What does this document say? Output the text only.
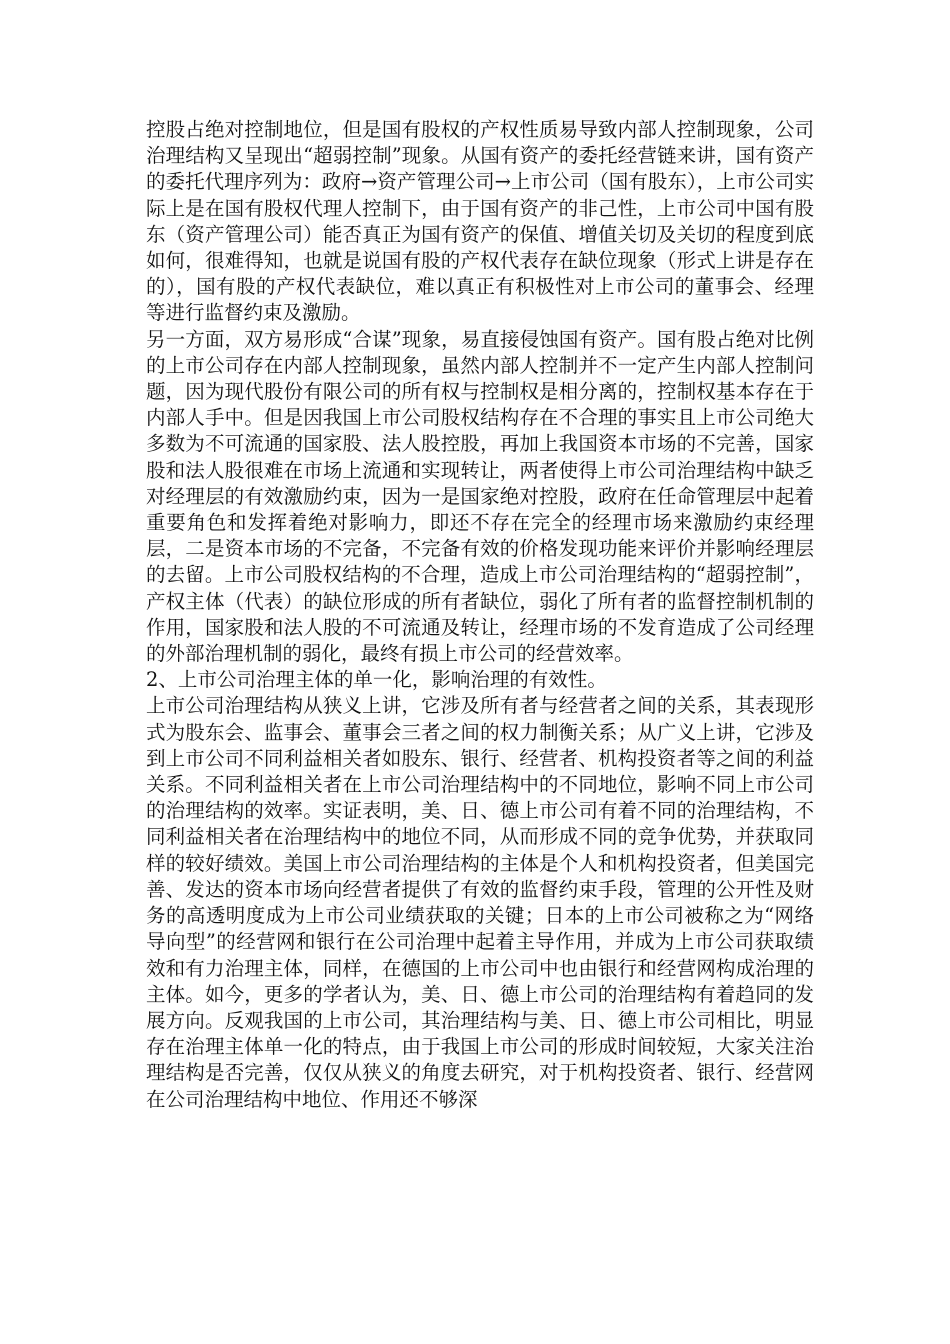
控股占绝对控制地位，但是国有股权的产权性质易导致内部人控制现象，公司治理结构又呈现出“超弱控制”现象。从国有资产的委托经营链来讲，国有资产的委托代理序列为：政府→资产管理公司→上市公司（国有股东），上市公司实际上是在国有股权代理人控制下，由于国有资产的非己性，上市公司中国有股东（资产管理公司）能否真正为国有资产的保值、增值关切及关切的程度到底如何，很难得知，也就是说国有股的产权代表存在缺位现象（形式上讲是存在的），国有股的产权代表缺位，难以真正有积极性对上市公司的董事会、经理等进行监督约束及激励。

另一方面，双方易形成“合谋”现象，易直接侵蚀国有资产。国有股占绝对比例的上市公司存在内部人控制现象，虽然内部人控制并不一定产生内部人控制问题，因为现代股份有限公司的所有权与控制权是相分离的，控制权基本存在于内部人手中。但是因我国上市公司股权结构存在不合理的事实且上市公司绝大多数为不可流通的国家股、法人股控股，再加上我国资本市场的不完善，国家股和法人股很难在市场上流通和实现转让，两者使得上市公司治理结构中缺乏对经理层的有效激励约束，因为一是国家绝对控股，政府在任命管理层中起着重要角色和发挥着绝对影响力，即还不存在完全的经理市场来激励约束经理层，二是资本市场的不完备，不完备有效的价格发现功能来评价并影响经理层的去留。上市公司股权结构的不合理，造成上市公司治理结构的“超弱控制”，产权主体（代表）的缺位形成的所有者缺位，弱化了所有者的监督控制机制的作用，国家股和法人股的不可流通及转让，经理市场的不发育造成了公司经理的外部治理机制的弱化，最终有损上市公司的经营效率。

2、上市公司治理主体的单一化，影响治理的有效性。

上市公司治理结构从狭义上讲，它涉及所有者与经营者之间的关系，其表现形式为股东会、监事会、董事会三者之间的权力制衡关系；从广义上讲，它涉及到上市公司不同利益相关者如股东、银行、经营者、机构投资者等之间的利益关系。不同利益相关者在上市公司治理结构中的不同地位，影响不同上市公司的治理结构的效率。实证表明，美、日、德上市公司有着不同的治理结构，不同利益相关者在治理结构中的地位不同，从而形成不同的竞争优势，并获取同样的较好绩效。美国上市公司治理结构的主体是个人和机构投资者，但美国完善、发达的资本市场向经营者提供了有效的监督约束手段，管理的公开性及财务的高透明度成为上市公司业绩获取的关键；日本的上市公司被称之为“网络导向型”的经营网和银行在公司治理中起着主导作用，并成为上市公司获取绩效和有力治理主体，同样，在德国的上市公司中也由银行和经营网构成治理的主体。如今，更多的学者认为，美、日、德上市公司的治理结构有着趋同的发展方向。反观我国的上市公司，其治理结构与美、日、德上市公司相比，明显存在治理主体单一化的特点，由于我国上市公司的形成时间较短，大家关注治理结构是否完善，仅仅从狭义的角度去研究，对于机构投资者、银行、经营网在公司治理结构中地位、作用还不够深
